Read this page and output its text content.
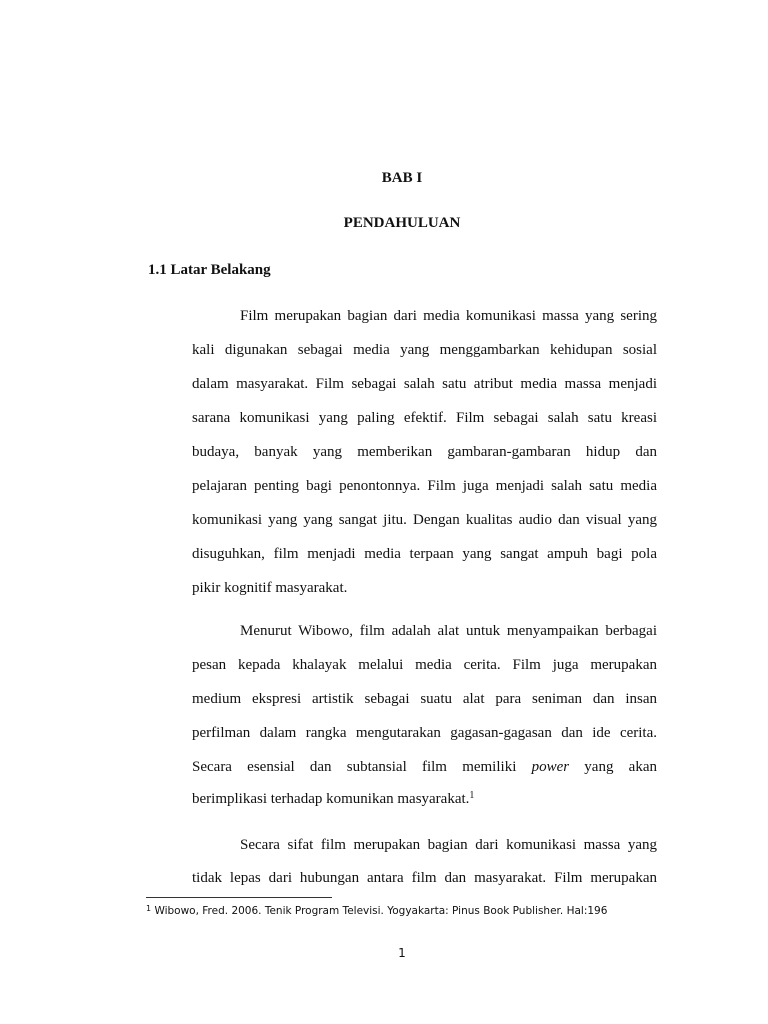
BAB I

PENDAHULUAN

1.1 Latar Belakang

Film merupakan bagian dari media komunikasi massa yang sering

kali digunakan sebagai media yang menggambarkan kehidupan sosial

dalam masyarakat. Film sebagai salah satu atribut media massa menjadi

sarana komunikasi yang paling efektif. Film sebagai salah satu kreasi

budaya, banyak yang memberikan gambaran-gambaran hidup dan

pelajaran penting bagi penontonnya. Film juga menjadi salah satu media

komunikasi yang yang sangat jitu. Dengan kualitas audio dan visual yang

disuguhkan, film menjadi media terpaan yang sangat ampuh bagi pola

pikir kognitif masyarakat.

Menurut Wibowo, film adalah alat untuk menyampaikan berbagai

pesan kepada khalayak melalui media cerita. Film juga merupakan

medium ekspresi artistik sebagai suatu alat para seniman dan insan

perfilman dalam rangka mengutarakan gagasan-gagasan dan ide cerita.

Secara esensial dan subtansial film memiliki power yang akan

berimplikasi terhadap komunikan masyarakat.$^1$

Secara sifat film merupakan bagian dari komunikasi massa yang

tidak lepas dari hubungan antara film dan masyarakat. Film merupakan

$^1$ Wibowo, Fred. 2006. Tenik Program Televisi. Yogyakarta: Pinus Book Publisher. Hal:196

1
